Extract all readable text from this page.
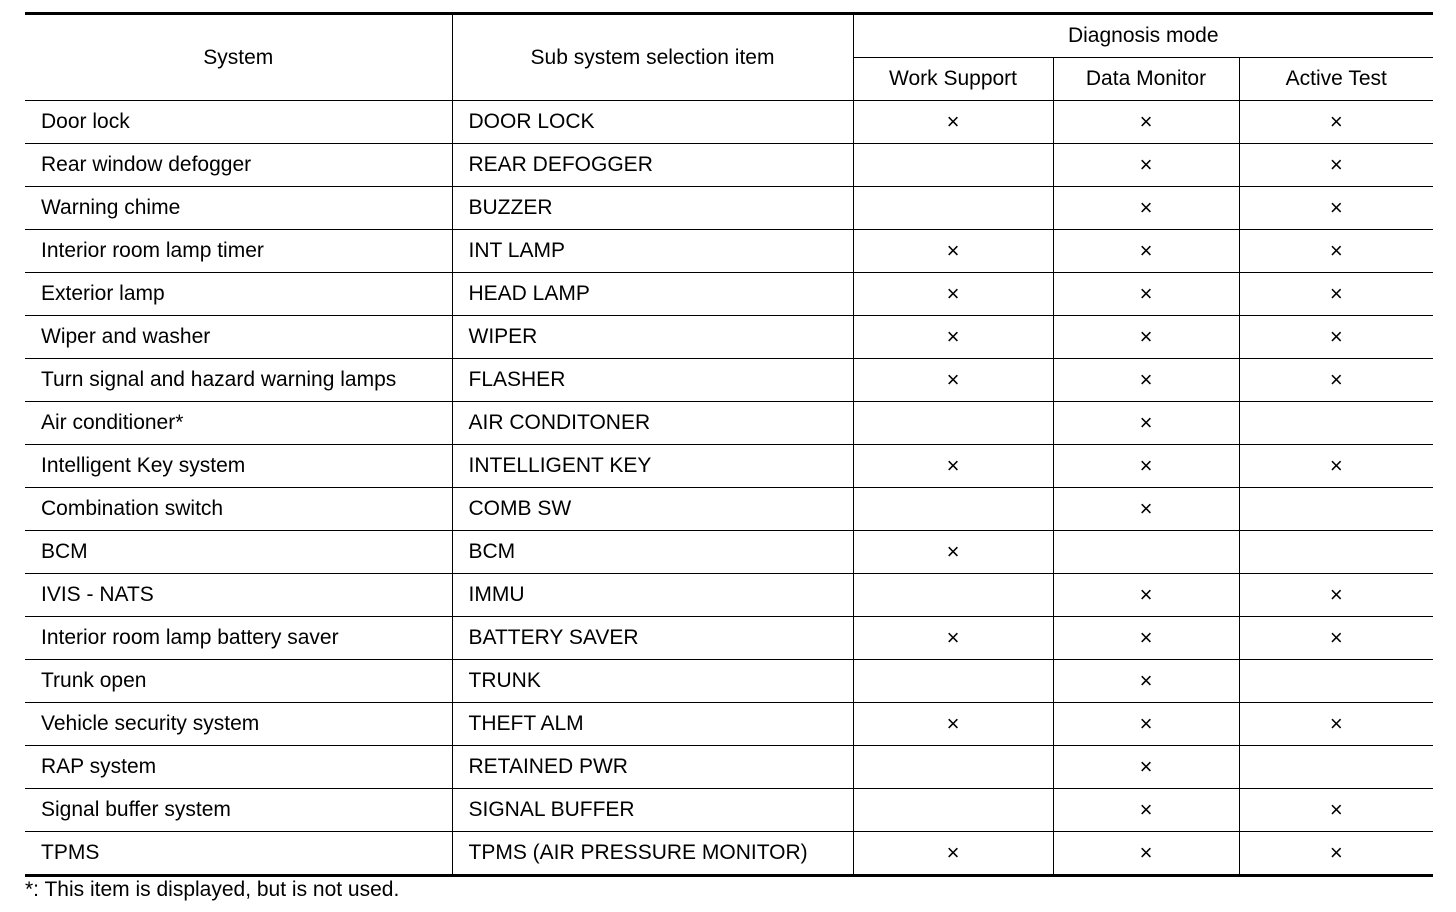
System	Sub system selection item	Diagnosis mode		
		Work Support	Data Monitor	Active Test
Door lock	DOOR LOCK	×	×	×
Rear window defogger	REAR DEFOGGER		×	×
Warning chime	BUZZER		×	×
Interior room lamp timer	INT LAMP	×	×	×
Exterior lamp	HEAD LAMP	×	×	×
Wiper and washer	WIPER	×	×	×
Turn signal and hazard warning lamps	FLASHER	×	×	×
Air conditioner*	AIR CONDITONER		×	
Intelligent Key system	INTELLIGENT KEY	×	×	×
Combination switch	COMB SW		×	
BCM	BCM	×		
IVIS - NATS	IMMU		×	×
Interior room lamp battery saver	BATTERY SAVER	×	×	×
Trunk open	TRUNK		×	
Vehicle security system	THEFT ALM	×	×	×
RAP system	RETAINED PWR		×	
Signal buffer system	SIGNAL BUFFER		×	×
TPMS	TPMS (AIR PRESSURE MONITOR)	×	×	×
*: This item is displayed, but is not used.
